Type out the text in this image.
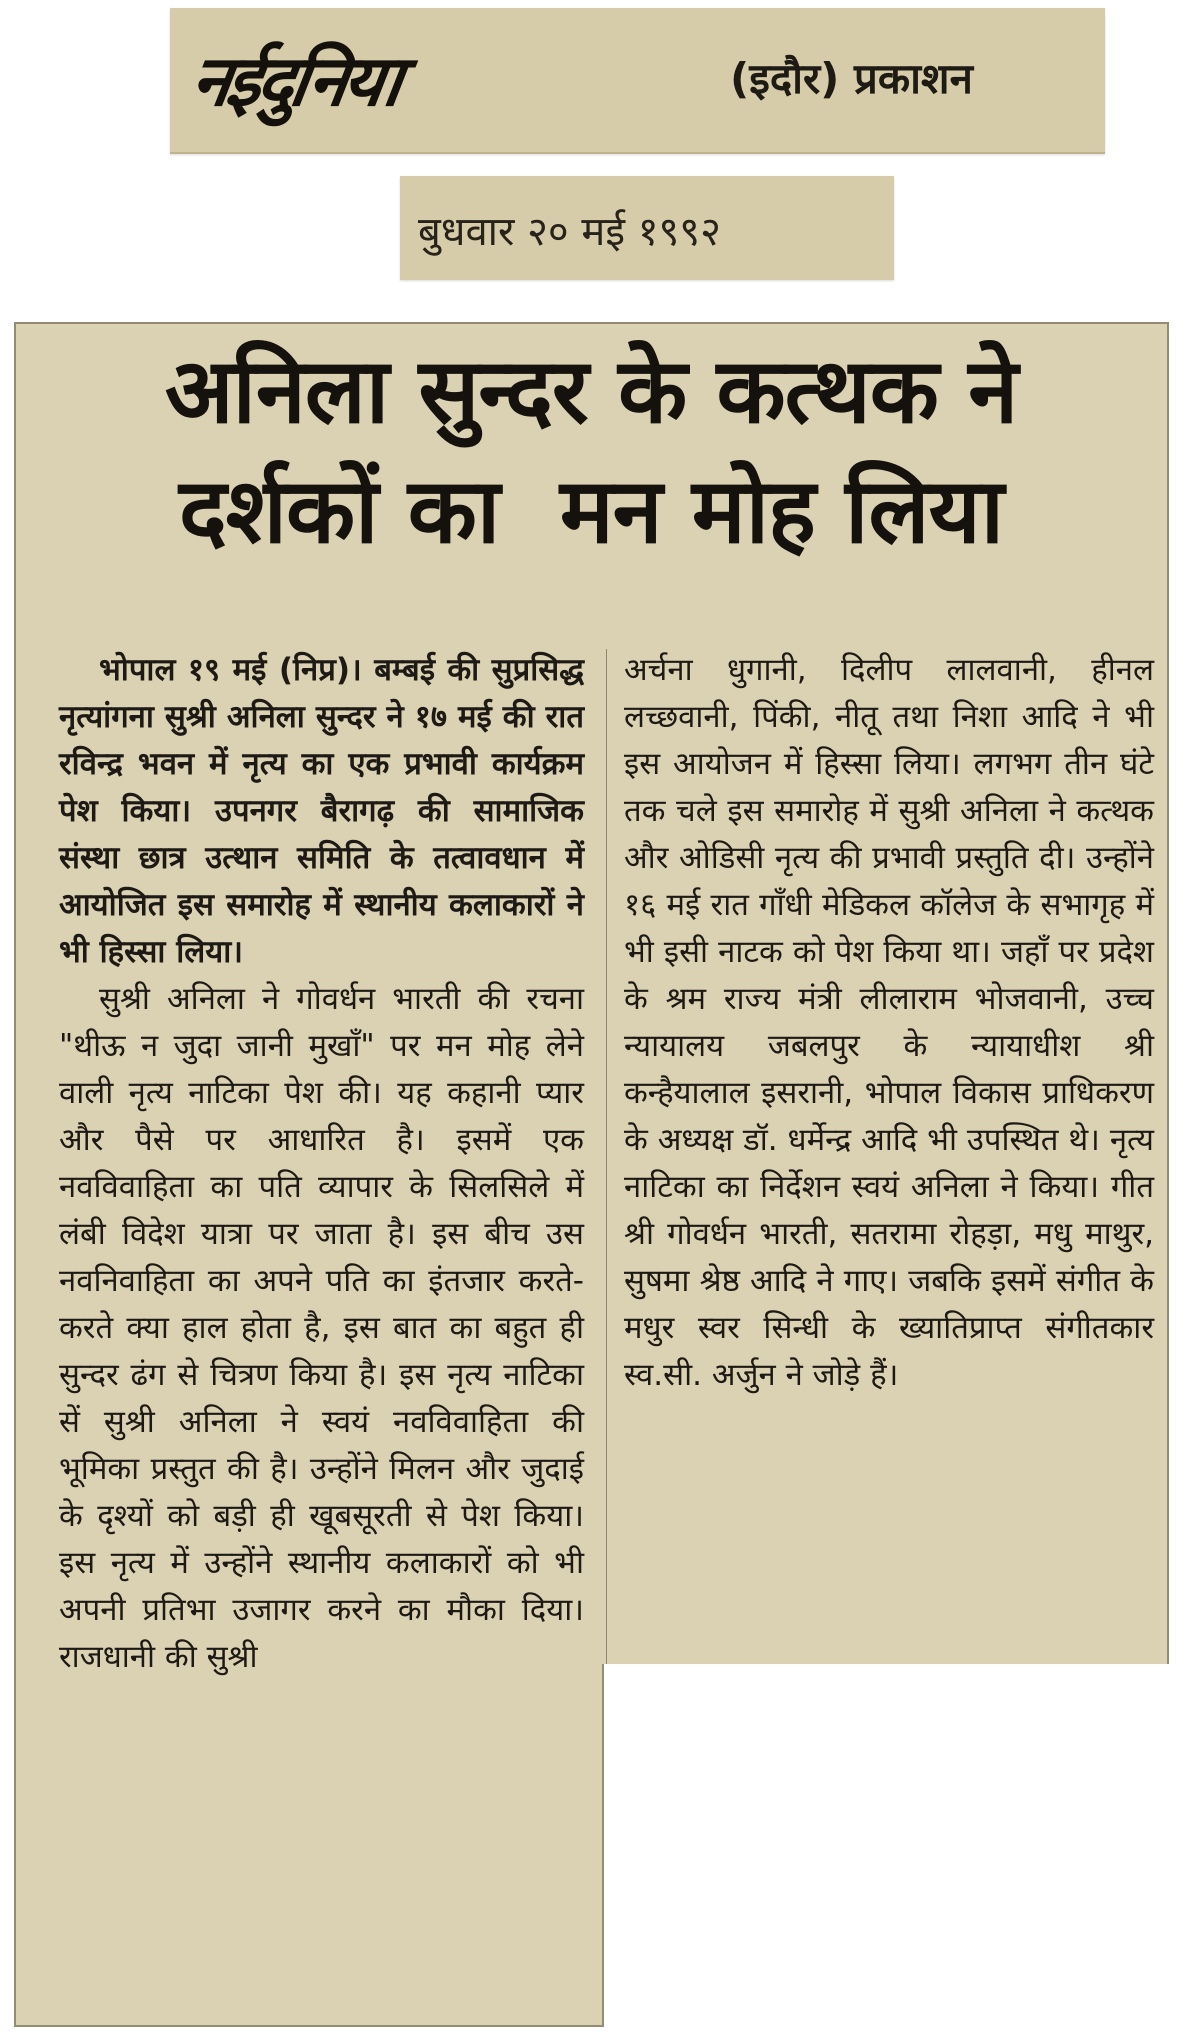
नईदुनिया	(इदौर) प्रकाशन
बुधवार २० मई १९९२
अनिला सुन्दर के कत्थक ने
दर्शकों का  मन मोह लिया

भोपाल १९ मई (निप्र)। बम्बई की सुप्रसिद्ध नृत्यांगना सुश्री अनिला सुन्दर ने १७ मई की रात रविन्द्र भवन में नृत्य का एक प्रभावी कार्यक्रम पेश किया। उपनगर बैरागढ़ की सामाजिक संस्था छात्र उत्थान समिति के तत्वावधान में आयोजित इस समारोह में स्थानीय कलाकारों ने भी हिस्सा लिया।

सुश्री अनिला ने गोवर्धन भारती की रचना "थीऊ न जुदा जानी मुखाँ" पर मन मोह लेने वाली नृत्य नाटिका पेश की। यह कहानी प्यार और पैसे पर आधारित है। इसमें एक नवविवाहिता का पति व्यापार के सिलसिले में लंबी विदेश यात्रा पर जाता है। इस बीच उस नवनिवाहिता का अपने पति का इंतजार करते-करते क्या हाल होता है, इस बात का बहुत ही सुन्दर ढंग से चित्रण किया है। इस नृत्य नाटिका सें सुश्री अनिला ने स्वयं नवविवाहिता की भूमिका प्रस्तुत की है। उन्होंने मिलन और जुदाई के दृश्यों को बड़ी ही खूबसूरती से पेश किया। इस नृत्य में उन्होंने स्थानीय कलाकारों को भी अपनी प्रतिभा उजागर करने का मौका दिया। राजधानी की सुश्री

अर्चना धुगानी, दिलीप लालवानी, हीनल लच्छवानी, पिंकी, नीतू तथा निशा आदि ने भी इस आयोजन में हिस्सा लिया। लगभग तीन घंटे तक चले इस समारोह में सुश्री अनिला ने कत्थक और ओडिसी नृत्य की प्रभावी प्रस्तुति दी। उन्होंने १६ मई रात गाँधी मेडिकल कॉलेज के सभागृह में भी इसी नाटक को पेश किया था। जहाँ पर प्रदेश के श्रम राज्य मंत्री लीलाराम भोजवानी, उच्च न्यायालय जबलपुर के न्यायाधीश श्री कन्हैयालाल इसरानी, भोपाल विकास प्राधिकरण के अध्यक्ष डॉ. धर्मेन्द्र आदि भी उपस्थित थे। नृत्य नाटिका का निर्देशन स्वयं अनिला ने किया। गीत श्री गोवर्धन भारती, सतरामा रोहड़ा, मधु माथुर, सुषमा श्रेष्ठ आदि ने गाए। जबकि इसमें संगीत के मधुर स्वर सिन्धी के ख्यातिप्राप्त संगीतकार स्व.सी. अर्जुन ने जोड़े हैं।
